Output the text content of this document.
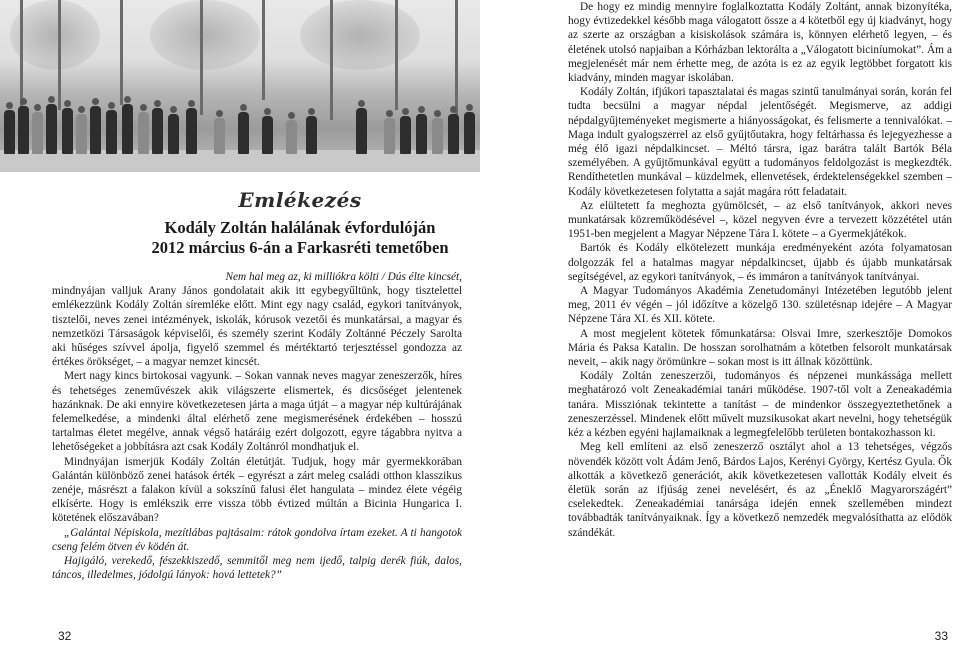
Emlékezés
Kodály Zoltán halálának évfordulóján
2012 március 6-án a Farkasréti temetőben

Nem hal meg az, ki milliókra költi / Dús élte kincsét,

mindnyájan valljuk Arany János gondolatait akik itt egybegyűltünk, hogy tisztelettel emlékezzünk Kodály Zoltán síremléke előtt. Mint egy nagy család, egykori tanítványok, tisztelői, neves zenei intézmények, iskolák, kórusok vezetői és munkatársai, a magyar és nemzetközi Társaságok képviselői, és személy szerint Kodály Zoltánné Péczely Sarolta aki hűséges szívvel ápolja, figyelő szemmel és mértéktartó terjesztéssel gondozza az értékes örökséget, – a magyar nemzet kincsét.

Mert nagy kincs birtokosai vagyunk. – Sokan vannak neves magyar zeneszerzők, híres és tehetséges zeneművészek akik világszerte elismertek, és dicsőséget jelentenek hazánknak. De aki ennyire következetesen járta a maga útját – a magyar nép kultúrájának felemelkedése, a mindenki által elérhető zene megismerésének érdekében – hosszú tartalmas életet megélve, annak végső határáig ezért dolgozott, egyre tágabbra nyitva a lehetőségeket a jobbításra azt csak Kodály Zoltánról mondhatjuk el.

Mindnyájan ismerjük Kodály Zoltán életútját. Tudjuk, hogy már gyermekkorában Galántán különböző zenei hatások érték – egyrészt a zárt meleg családi otthon klasszikus zenéje, másrészt a falakon kívül a sokszínű falusi élet hangulata – mindez élete végéig elkísérte. Hogy is emlékszik erre vissza több évtized múltán a Bicinia Hungarica I. kötetének előszavában?

„Galántai Népiskola, mezítlábas pajtásaim: rátok gondolva írtam ezeket. A ti hangotok cseng felém ötven év ködén át.

Hajigáló, verekedő, fészekkiszedő, semmitől meg nem ijedő, talpig derék fiúk, dalos, táncos, illedelmes, jódolgú lányok: hová lettetek?”

32

De hogy ez mindig mennyire foglalkoztatta Kodály Zoltánt, annak bizonyítéka, hogy évtizedekkel később maga válogatott össze a 4 kötetből egy új kiadványt, hogy az szerte az országban a kisiskolások számára is, könnyen elérhető legyen, – és életének utolsó napjaiban a Kórházban lektorálta a „Válogatott biciníumokat”. Ám a megjelenését már nem érhette meg, de azóta is ez az egyik legtöbbet forgatott kis kiadvány, minden magyar iskolában.

Kodály Zoltán, ifjúkori tapasztalatai és magas szintű tanulmányai során, korán fel tudta becsülni a magyar népdal jelentőségét. Megismerve, az addigi népdalgyűjteményeket megismerte a hiányosságokat, és felismerte a tennivalókat. – Maga indult gyalogszerrel az első gyűjtőutakra, hogy feltárhassa és lejegyezhesse a még élő igazi népdalkincset. – Méltó társra, igaz barátra talált Bartók Béla személyében. A gyűjtőmunkával együtt a tudományos feldolgozást is megkezdték. Rendíthetetlen munkával – küzdelmek, ellenvetések, érdektelenségekkel szemben – Kodály következetesen folytatta a saját magára rótt feladatait.

Az elültetett fa meghozta gyümölcsét, – az első tanítványok, akkori neves munkatársak közreműködésével –, közel negyven évre a tervezett közzététel után 1951-ben megjelent a Magyar Népzene Tára I. kötete – a Gyermekjátékok.

Bartók és Kodály elkötelezett munkája eredményeként azóta folyamatosan dolgozzák fel a hatalmas magyar népdalkincset, újabb és újabb munkatársak segítségével, az egykori tanítványok, – és immáron a tanítványok tanítványai.

A Magyar Tudományos Akadémia Zenetudományi Intézetében legutóbb jelent meg, 2011 év végén – jól időzítve a közelgő 130. születésnap idejére – A Magyar Népzene Tára XI. és XII. kötete.

A most megjelent kötetek főmunkatársa: Olsvai Imre, szerkesztője Domokos Mária és Paksa Katalin. De hosszan sorolhatnám a kötetben felsorolt munkatársak neveit, – akik nagy örömünkre – sokan most is itt állnak közöttünk.

Kodály Zoltán zeneszerzői, tudományos és népzenei munkássága mellett meghatározó volt Zeneakadémiai tanári működése. 1907-től volt a Zeneakadémia tanára. Missziónak tekintette a tanítást – de mindenkor összegyeztethetőnek a zeneszerzéssel. Mindenek előtt művelt muzsikusokat akart nevelni, hogy tehetségük kéz a kézben egyéni hajlamaiknak a legmegfelelőbb területen bontakozhasson ki.

Meg kell említeni az első zeneszerző osztályt ahol a 13 tehetséges, végzős növendék között volt Ádám Jenő, Bárdos Lajos, Kerényi György, Kertész Gyula. Ők alkották a következő generációt, akik következetesen vallották Kodály elveit és életük során az ifjúság zenei nevelésért, és az „Éneklő Magyarországért” cselekedtek. Zeneakadémiai tanársága idején ennek szellemében mindezt továbbadták tanítványaiknak. Így a következő nemzedék megvalósíthatta az elődök szándékát.

33
